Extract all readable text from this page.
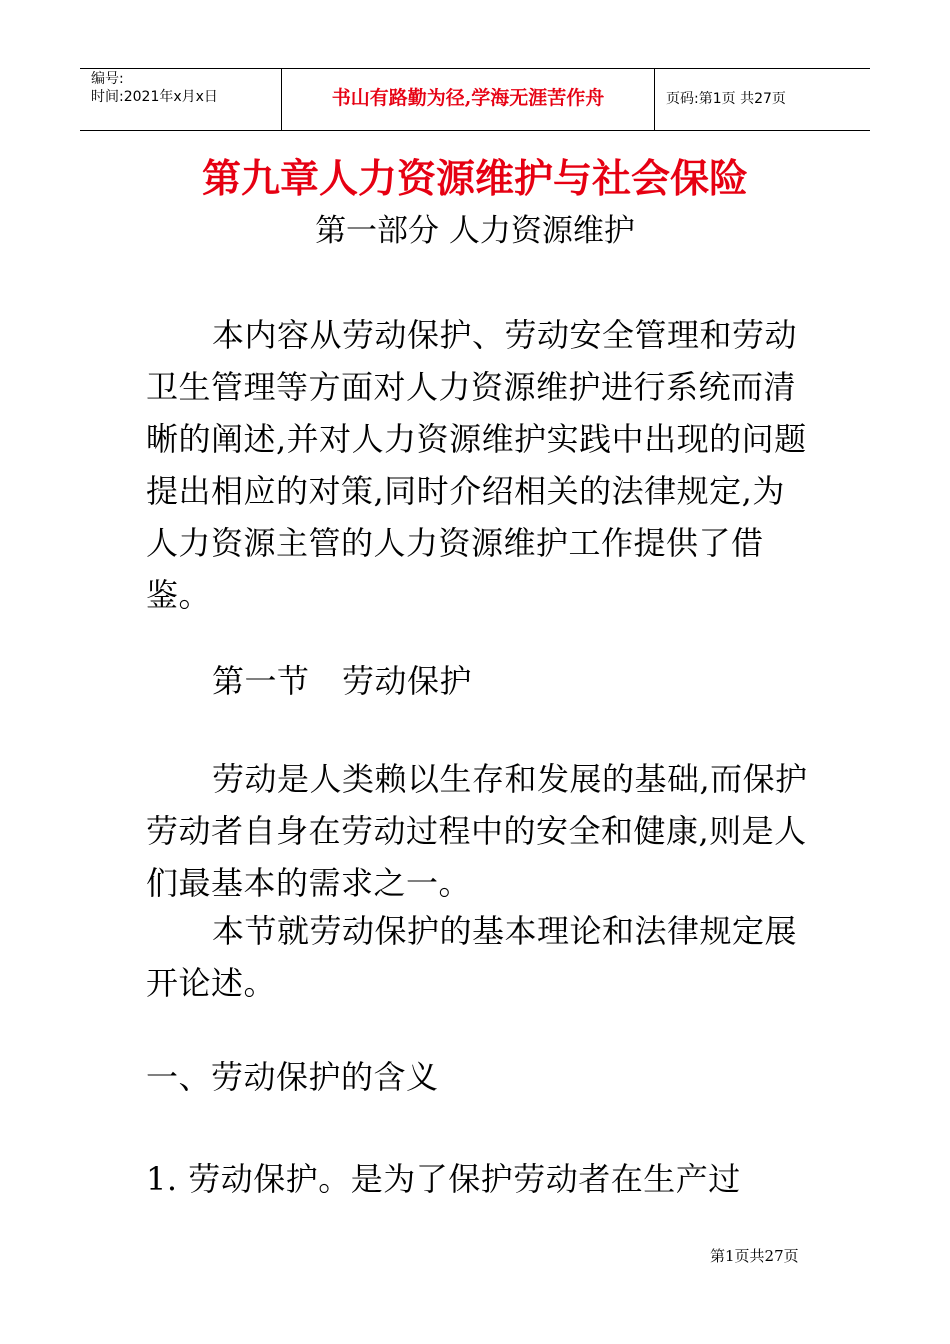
编号:
时间:2021年x月x日	书山有路勤为径,学海无涯苦作舟	页码:第1页 共27页
第九章人力资源维护与社会保险
第一部分 人力资源维护

本内容从劳动保护、劳动安全管理和劳动卫生管理等方面对人力资源维护进行系统而清晰的阐述,并对人力资源维护实践中出现的问题提出相应的对策,同时介绍相关的法律规定,为人力资源主管的人力资源维护工作提供了借鉴。

第一节　劳动保护

劳动是人类赖以生存和发展的基础,而保护劳动者自身在劳动过程中的安全和健康,则是人们最基本的需求之一。

本节就劳动保护的基本理论和法律规定展开论述。

一、劳动保护的含义

1. 劳动保护。是为了保护劳动者在生产过

第1页共27页
